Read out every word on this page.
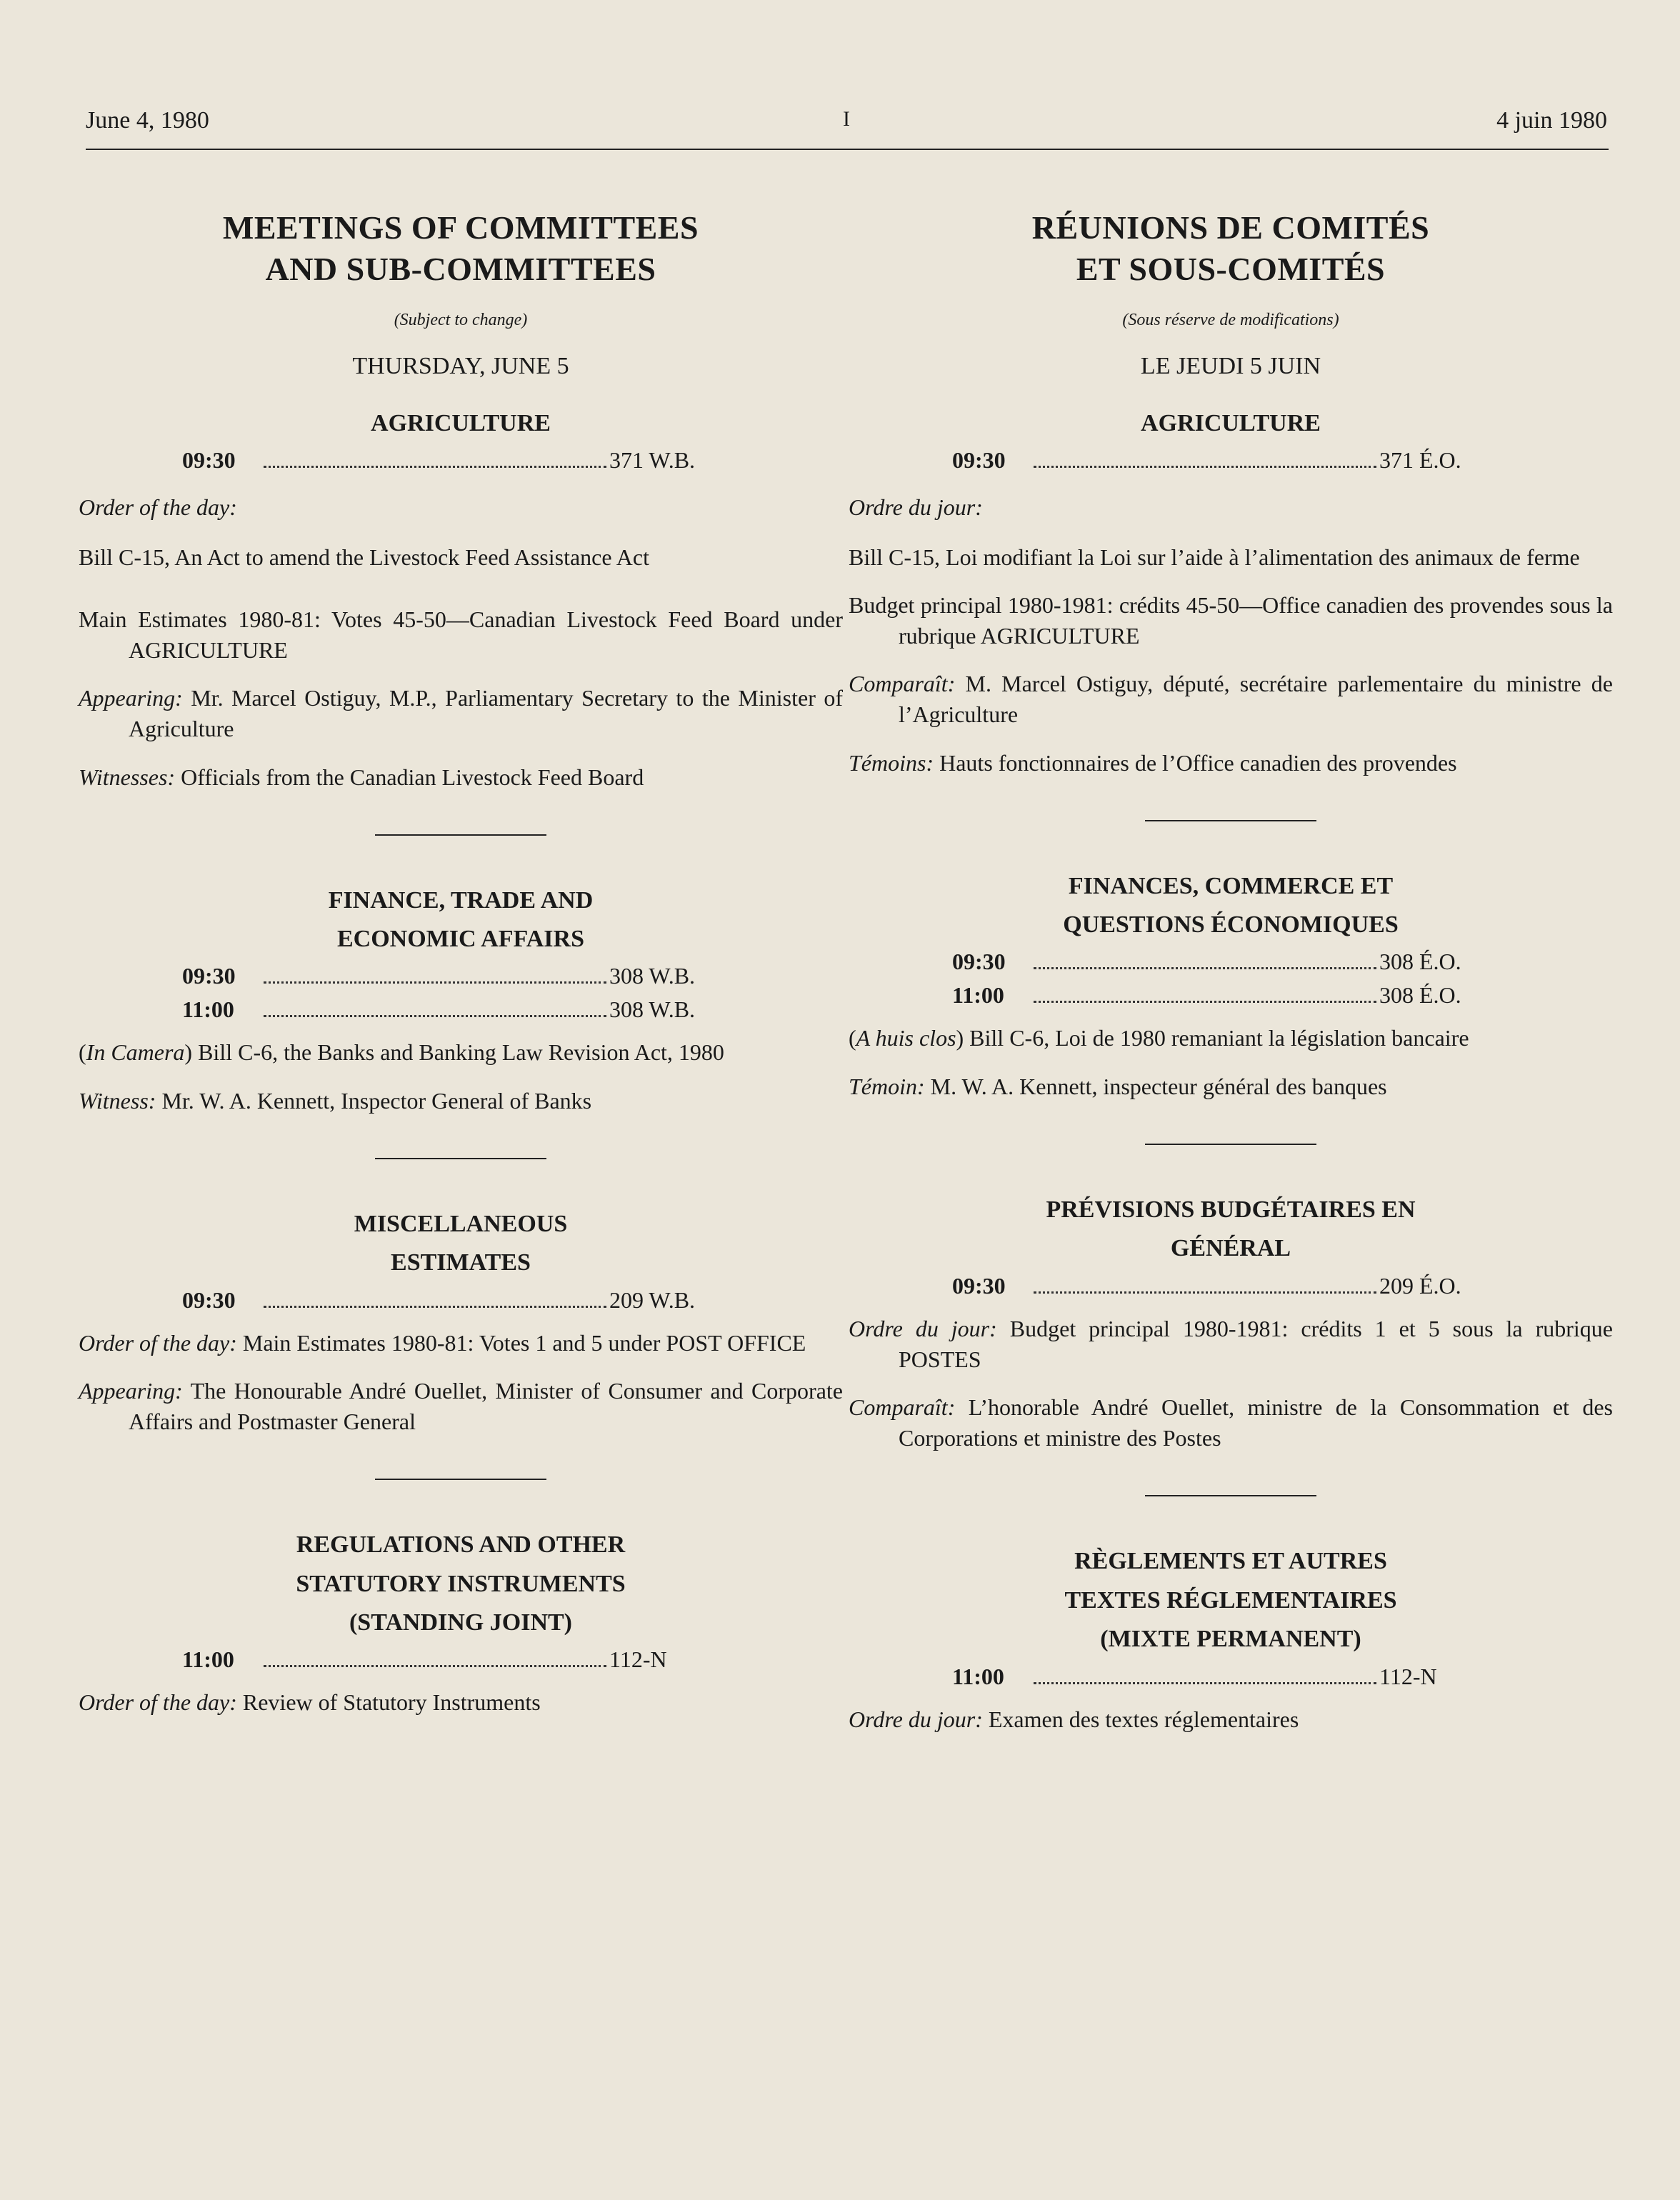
June 4, 1980	I	4 juin 1980
MEETINGS OF COMMITTEES
AND SUB-COMMITTEES
(Subject to change)
THURSDAY, JUNE 5
AGRICULTURE
09:30	371 W.B.
Order of the day:
Bill C-15, An Act to amend the Livestock Feed Assistance Act
Main Estimates 1980-81: Votes 45-50—Canadian Livestock Feed Board under AGRICULTURE
Appearing: Mr. Marcel Ostiguy, M.P., Parliamentary Secretary to the Minister of Agriculture
Witnesses: Officials from the Canadian Livestock Feed Board
FINANCE, TRADE AND
ECONOMIC AFFAIRS
09:30	308 W.B.
11:00	308 W.B.
(In Camera) Bill C-6, the Banks and Banking Law Revision Act, 1980
Witness: Mr. W. A. Kennett, Inspector General of Banks
MISCELLANEOUS
ESTIMATES
09:30	209 W.B.
Order of the day: Main Estimates 1980-81: Votes 1 and 5 under POST OFFICE
Appearing: The Honourable André Ouellet, Minister of Consumer and Corporate Affairs and Postmaster General
REGULATIONS AND OTHER
STATUTORY INSTRUMENTS
(STANDING JOINT)
11:00	112-N
Order of the day: Review of Statutory Instruments
RÉUNIONS DE COMITÉS
ET SOUS-COMITÉS
(Sous réserve de modifications)
LE JEUDI 5 JUIN
AGRICULTURE
09:30	371 É.O.
Ordre du jour:
Bill C-15, Loi modifiant la Loi sur l’aide à l’alimentation des animaux de ferme
Budget principal 1980-1981: crédits 45-50—Office canadien des provendes sous la rubrique AGRICULTURE
Comparaît: M. Marcel Ostiguy, député, secrétaire parlementaire du ministre de l’Agriculture
Témoins: Hauts fonctionnaires de l’Office canadien des provendes
FINANCES, COMMERCE ET
QUESTIONS ÉCONOMIQUES
09:30	308 É.O.
11:00	308 É.O.
(A huis clos) Bill C-6, Loi de 1980 remaniant la législation bancaire
Témoin: M. W. A. Kennett, inspecteur général des banques
PRÉVISIONS BUDGÉTAIRES EN
GÉNÉRAL
09:30	209 É.O.
Ordre du jour: Budget principal 1980-1981: crédits 1 et 5 sous la rubrique POSTES
Comparaît: L’honorable André Ouellet, ministre de la Consommation et des Corporations et ministre des Postes
RÈGLEMENTS ET AUTRES
TEXTES RÉGLEMENTAIRES
(MIXTE PERMANENT)
11:00	112-N
Ordre du jour: Examen des textes réglementaires
